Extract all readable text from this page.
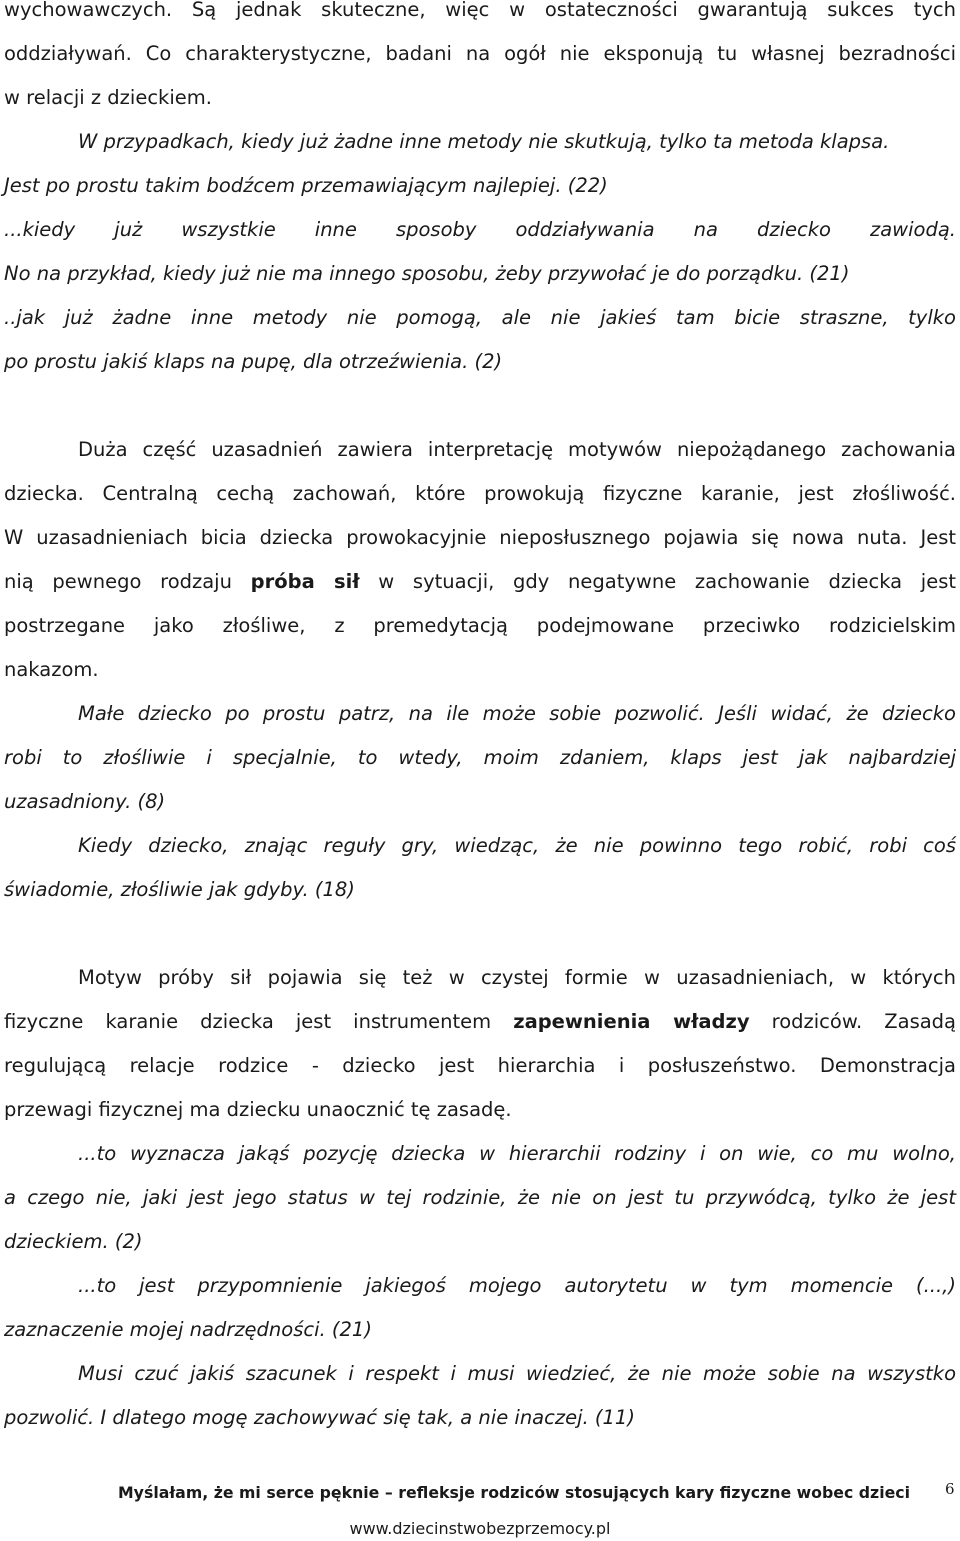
wychowawczych. Są jednak skuteczne, więc w ostateczności gwarantują sukces tych
oddziaływań. Co charakterystyczne, badani na ogół nie eksponują tu własnej bezradności
w relacji z dzieckiem.
W przypadkach, kiedy już żadne inne metody nie skutkują, tylko ta metoda klapsa.
Jest po prostu takim bodźcem przemawiającym najlepiej. (22)
...kiedy już wszystkie inne sposoby oddziaływania na dziecko zawiodą.
No na przykład, kiedy już nie ma innego sposobu, żeby przywołać je do porządku. (21)
..jak już żadne inne metody nie pomogą, ale nie jakieś tam bicie straszne, tylko
po prostu jakiś klaps na pupę, dla otrzeźwienia. (2)
Duża część uzasadnień zawiera interpretację motywów niepożądanego zachowania
dziecka. Centralną cechą zachowań, które prowokują fizyczne karanie, jest złośliwość.
W uzasadnieniach bicia dziecka prowokacyjnie nieposłusznego pojawia się nowa nuta. Jest
nią pewnego rodzaju próba sił w sytuacji, gdy negatywne zachowanie dziecka jest
postrzegane jako złośliwe, z premedytacją podejmowane przeciwko rodzicielskim
nakazom.
Małe dziecko po prostu patrz, na ile może sobie pozwolić. Jeśli widać, że dziecko
robi to złośliwie i specjalnie, to wtedy, moim zdaniem, klaps jest jak najbardziej
uzasadniony. (8)
Kiedy dziecko, znając reguły gry, wiedząc, że nie powinno tego robić, robi coś
świadomie, złośliwie jak gdyby. (18)
Motyw próby sił pojawia się też w czystej formie w uzasadnieniach, w których
fizyczne karanie dziecka jest instrumentem zapewnienia władzy rodziców. Zasadą
regulującą relacje rodzice - dziecko jest hierarchia i posłuszeństwo. Demonstracja
przewagi fizycznej ma dziecku unaocznić tę zasadę.
...to wyznacza jakąś pozycję dziecka w hierarchii rodziny i on wie, co mu wolno,
a czego nie, jaki jest jego status w tej rodzinie, że nie on jest tu przywódcą, tylko że jest
dzieckiem. (2)
...to jest przypomnienie jakiegoś mojego autorytetu w tym momencie (...,)
zaznaczenie mojej nadrzędności. (21)
Musi czuć jakiś szacunek i respekt i musi wiedzieć, że nie może sobie na wszystko
pozwolić. I dlatego mogę zachowywać się tak, a nie inaczej. (11)
Myślałam, że mi serce pęknie – refleksje rodziców stosujących kary fizyczne wobec dzieci	6
www.dziecinstwobezprzemocy.pl
